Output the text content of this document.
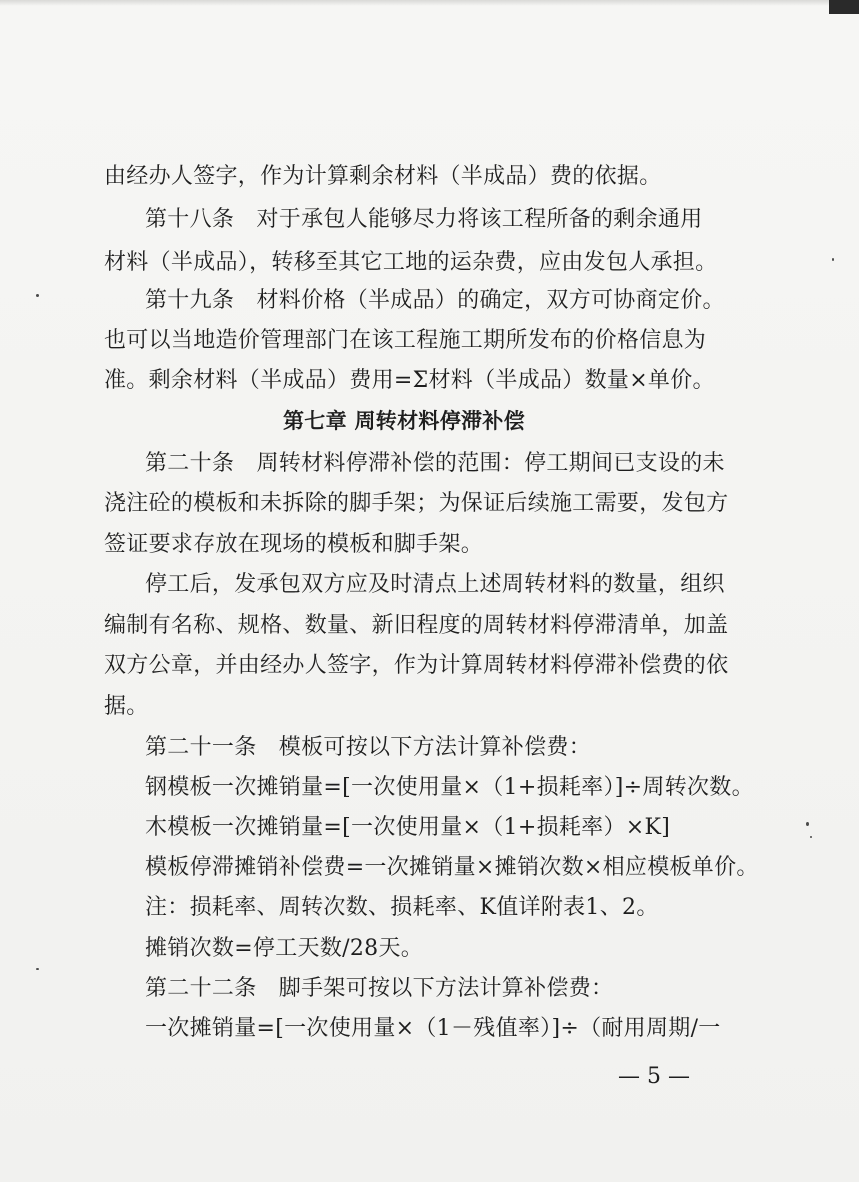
由经办人签字，作为计算剩余材料（半成品）费的依据。
第十八条　对于承包人能够尽力将该工程所备的剩余通用
材料（半成品），转移至其它工地的运杂费，应由发包人承担。
第十九条　材料价格（半成品）的确定，双方可协商定价。
也可以当地造价管理部门在该工程施工期所发布的价格信息为
准。剩余材料（半成品）费用=Σ材料（半成品）数量×单价。
第七章 周转材料停滞补偿
第二十条　周转材料停滞补偿的范围：停工期间已支设的未
浇注砼的模板和未拆除的脚手架；为保证后续施工需要，发包方
签证要求存放在现场的模板和脚手架。
停工后，发承包双方应及时清点上述周转材料的数量，组织
编制有名称、规格、数量、新旧程度的周转材料停滞清单，加盖
双方公章，并由经办人签字，作为计算周转材料停滞补偿费的依
据。
第二十一条　模板可按以下方法计算补偿费：
钢模板一次摊销量=[一次使用量×（1+损耗率）]÷周转次数。
木模板一次摊销量=[一次使用量×（1+损耗率）×K]
模板停滞摊销补偿费=一次摊销量×摊销次数×相应模板单价。
注：损耗率、周转次数、损耗率、K值详附表1、2。
摊销次数=停工天数/28天。
第二十二条　脚手架可按以下方法计算补偿费：
一次摊销量=[一次使用量×（1－残值率）]÷（耐用周期/一
— 5 —
